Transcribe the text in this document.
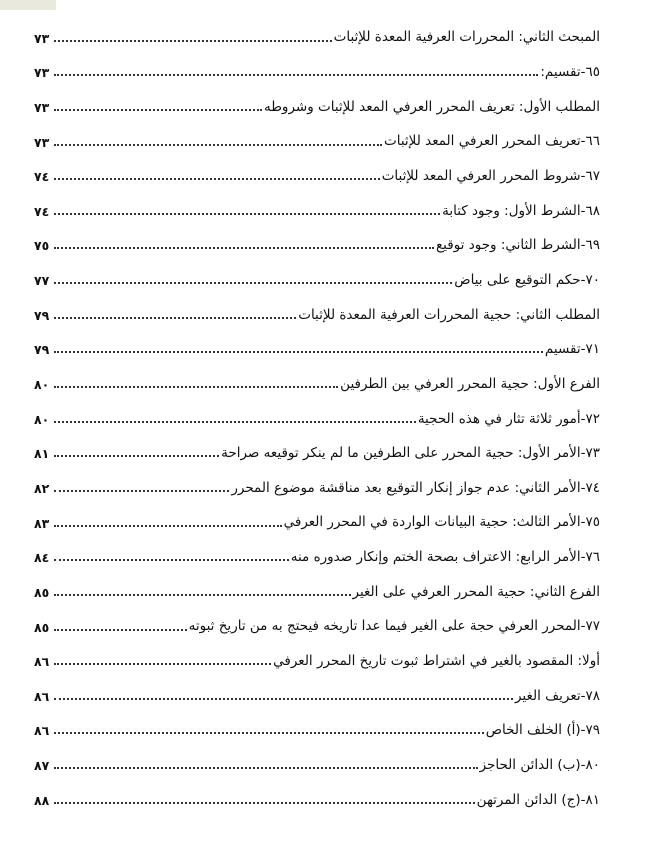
المبحث الثاني: المحررات العرفية المعدة للإثبات
٧٣
٦٥-تقسيم:
٧٣
المطلب الأول: تعريف المحرر العرفي المعد للإثبات وشروطه
٧٣
٦٦-تعريف المحرر العرفي المعد للإثبات
٧٣
٦٧-شروط المحرر العرفي المعد للإثبات
٧٤
٦٨-الشرط الأول: وجود كتابة
٧٤
٦٩-الشرط الثاني: وجود توقيع
٧٥
٧٠-حكم التوقيع على بياض
٧٧
المطلب الثاني: حجية المحررات العرفية المعدة للإثبات
٧٩
٧١-تقسيم
٧٩
الفرع الأول: حجية المحرر العرفي بين الطرفين
٨٠
٧٢-أمور ثلاثة تثار في هذه الحجية
٨٠
٧٣-الأمر الأول: حجية المحرر على الطرفين ما لم ينكر توقيعه صراحة
٨١
٧٤-الأمر الثاني: عدم جواز إنكار التوقيع بعد مناقشة موضوع المحرر
٨٢
٧٥-الأمر الثالث: حجية البيانات الواردة في المحرر العرفي
٨٣
٧٦-الأمر الرابع: الاعتراف بصحة الختم وإنكار صدوره منه
٨٤
الفرع الثاني: حجية المحرر العرفي على الغير
٨٥
٧٧-المحرر العرفي حجة على الغير فيما عدا تاريخه فيحتج به من تاريخ ثبوته
٨٥
أولا: المقصود بالغير في اشتراط ثبوت تاريخ المحرر العرفي
٨٦
٧٨-تعريف الغير
٨٦
٧٩-(أ) الخلف الخاص
٨٦
٨٠-(ب) الدائن الحاجز
٨٧
٨١-(ج) الدائن المرتهن
٨٨
